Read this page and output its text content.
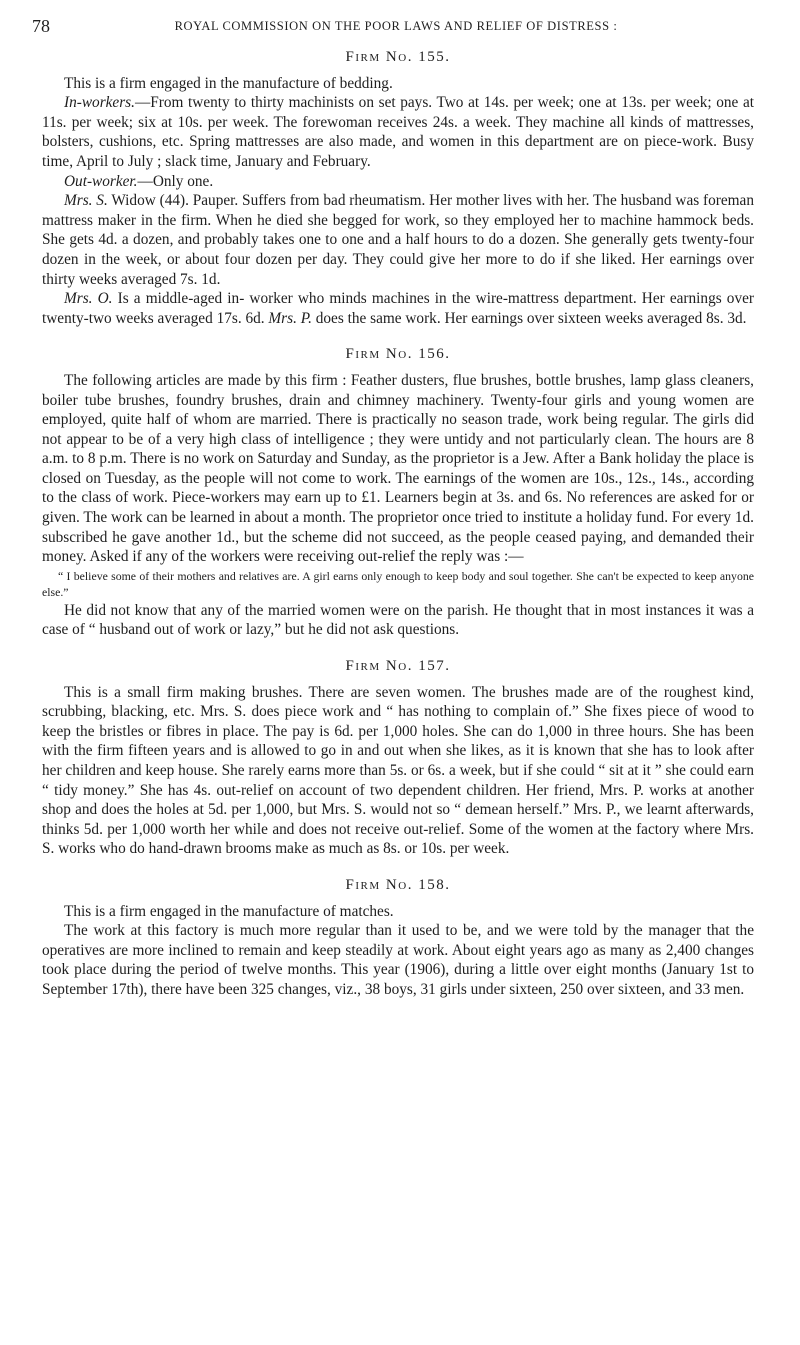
78	ROYAL COMMISSION ON THE POOR LAWS AND RELIEF OF DISTRESS :
Firm No. 155.

This is a firm engaged in the manufacture of bedding.

In-workers.—From twenty to thirty machinists on set pays. Two at 14s. per week; one at 13s. per week; one at 11s. per week; six at 10s. per week. The forewoman receives 24s. a week. They machine all kinds of mattresses, bolsters, cushions, etc. Spring mattresses are also made, and women in this department are on piece-work. Busy time, April to July ; slack time, January and February.

Out-worker.—Only one.

Mrs. S. Widow (44). Pauper. Suffers from bad rheumatism. Her mother lives with her. The husband was foreman mattress maker in the firm. When he died she begged for work, so they employed her to machine hammock beds. She gets 4d. a dozen, and probably takes one to one and a half hours to do a dozen. She generally gets twenty-four dozen in the week, or about four dozen per day. They could give her more to do if she liked. Her earnings over thirty weeks averaged 7s. 1d.

Mrs. O. Is a middle-aged in- worker who minds machines in the wire-mattress department. Her earnings over twenty-two weeks averaged 17s. 6d. Mrs. P. does the same work. Her earnings over sixteen weeks averaged 8s. 3d.

Firm No. 156.

The following articles are made by this firm : Feather dusters, flue brushes, bottle brushes, lamp glass cleaners, boiler tube brushes, foundry brushes, drain and chimney machinery. Twenty-four girls and young women are employed, quite half of whom are married. There is practically no season trade, work being regular. The girls did not appear to be of a very high class of intelligence ; they were untidy and not particularly clean. The hours are 8 a.m. to 8 p.m. There is no work on Saturday and Sunday, as the proprietor is a Jew. After a Bank holiday the place is closed on Tuesday, as the people will not come to work. The earnings of the women are 10s., 12s., 14s., according to the class of work. Piece-workers may earn up to £1. Learners begin at 3s. and 6s. No references are asked for or given. The work can be learned in about a month. The proprietor once tried to institute a holiday fund. For every 1d. subscribed he gave another 1d., but the scheme did not succeed, as the people ceased paying, and demanded their money. Asked if any of the workers were receiving out-relief the reply was :—

“ I believe some of their mothers and relatives are. A girl earns only enough to keep body and soul together. She can't be expected to keep anyone else.”

He did not know that any of the married women were on the parish. He thought that in most instances it was a case of “ husband out of work or lazy,” but he did not ask questions.

Firm No. 157.

This is a small firm making brushes. There are seven women. The brushes made are of the roughest kind, scrubbing, blacking, etc. Mrs. S. does piece work and “ has nothing to complain of.” She fixes piece of wood to keep the bristles or fibres in place. The pay is 6d. per 1,000 holes. She can do 1,000 in three hours. She has been with the firm fifteen years and is allowed to go in and out when she likes, as it is known that she has to look after her children and keep house. She rarely earns more than 5s. or 6s. a week, but if she could “ sit at it ” she could earn “ tidy money.” She has 4s. out-relief on account of two dependent children. Her friend, Mrs. P. works at another shop and does the holes at 5d. per 1,000, but Mrs. S. would not so “ demean herself.” Mrs. P., we learnt afterwards, thinks 5d. per 1,000 worth her while and does not receive out-relief. Some of the women at the factory where Mrs. S. works who do hand-drawn brooms make as much as 8s. or 10s. per week.

Firm No. 158.

This is a firm engaged in the manufacture of matches.

The work at this factory is much more regular than it used to be, and we were told by the manager that the operatives are more inclined to remain and keep steadily at work. About eight years ago as many as 2,400 changes took place during the period of twelve months. This year (1906), during a little over eight months (January 1st to September 17th), there have been 325 changes, viz., 38 boys, 31 girls under sixteen, 250 over sixteen, and 33 men.
